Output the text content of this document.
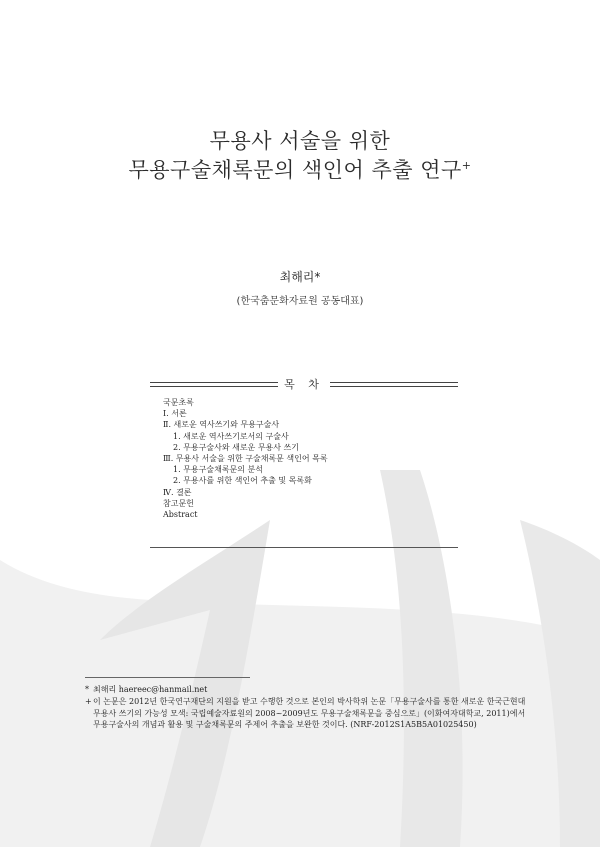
무용사 서술을 위한
무용구술채록문의 색인어 추출 연구+
최해리*
(한국춤문화자료원 공동대표)
목 차
국문초록
Ⅰ. 서론
Ⅱ. 새로운 역사쓰기와 무용구술사
1. 새로운 역사쓰기로서의 구술사
2. 무용구술사와 새로운 무용사 쓰기
Ⅲ. 무용사 서술을 위한 구술채록문 색인어 목록
1. 무용구술채록문의 분석
2. 무용사를 위한 색인어 추출 및 목록화
Ⅳ. 결론
참고문헌
Abstract
* 최해리 haereec@hanmail.net
+이 논문은 2012년 한국연구재단의 지원을 받고 수행한 것으로 본인의 박사학위 논문「무용구술사를 통한 새로운 한국근현대무용사 쓰기의 가능성 모색: 국립예술자료원의 2008~2009년도 무용구술채록문을 중심으로」(이화여자대학교, 2011)에서 무용구술사의 개념과 활용 및 구술채록문의 주제어 추출을 보완한 것이다. (NRF-2012S1A5B5A01025450)
